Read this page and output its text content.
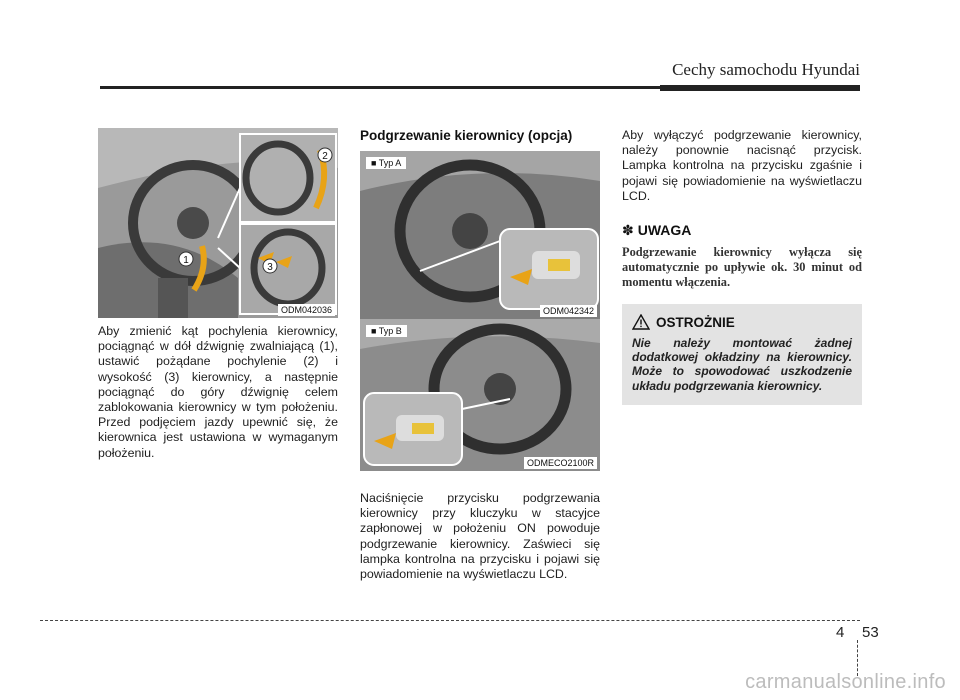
Cechy samochodu Hyundai
1
2
3
ODM042036

Aby zmienić kąt pochylenia kierownicy, pociągnąć w dół dźwignię zwalniającą (1), ustawić pożądane pochylenie (2) i wysokość (3) kierownicy, a następnie pociągnąć do góry dźwignię celem zablokowania kierownicy w tym położeniu. Przed podjęciem jazdy upewnić się, że kierownica jest ustawiona w wymaganym położeniu.

Podgrzewanie kierownicy (opcja)
■ Typ A
ODM042342
■ Typ B
ODMECO2100R

Naciśnięcie przycisku podgrzewania kierownicy przy kluczyku w stacyjce zapłonowej w położeniu ON powoduje podgrzewanie kierownicy. Zaświeci się lampka kontrolna na przycisku i pojawi się powiadomienie na wyświetlaczu LCD.

Aby wyłączyć podgrzewanie kierownicy, należy ponownie nacisnąć przycisk. Lampka kontrolna na przycisku zgaśnie i pojawi się powiadomienie na wyświetlaczu LCD.

✽ UWAGA

Podgrzewanie kierownicy wyłącza się automatycznie po upływie ok. 30 minut od momentu włączenia.

OSTROŻNIE

Nie należy montować żadnej dodatkowej okładziny na kierownicy. Może to spowodować uszkodzenie układu podgrzewania kierownicy.

4 53
carmanualsonline.info
